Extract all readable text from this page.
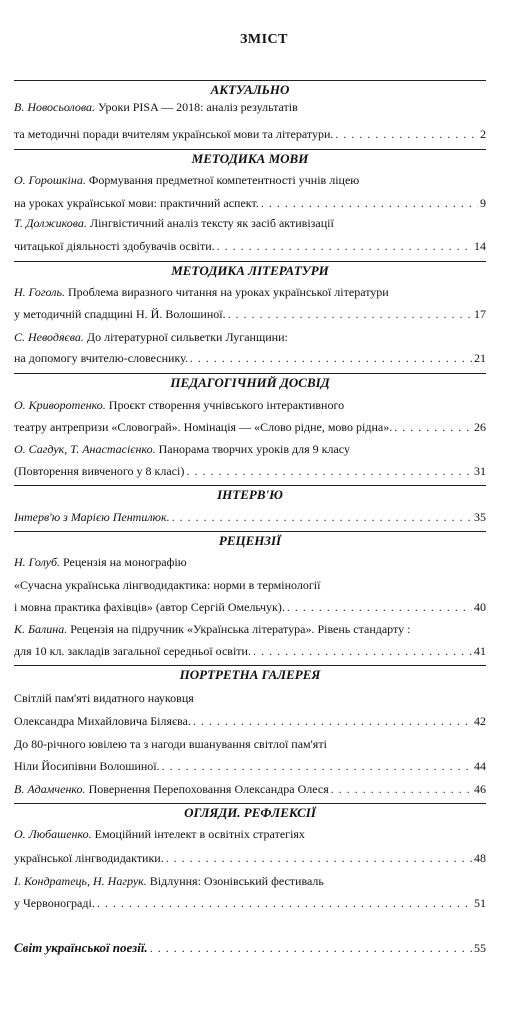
ЗМІСТ
АКТУАЛЬНО
В. Новосьолова. Уроки PISA — 2018: аналіз результатів
та методичні поради вчителям української мови та літератури. . . .	2
МЕТОДИКА МОВИ
О. Горошкіна. Формування предметної компетентності учнів ліцею
на уроках української мови: практичний аспект. . . .	9
Т. Должикова. Лінгвістичний аналіз тексту як засіб активізації
читацької діяльності здобувачів освіти. . . .	14
МЕТОДИКА ЛІТЕРАТУРИ
Н. Гоголь. Проблема виразного читання на уроках української літератури
у методичній спадщині Н. Й. Волошиної. . . .	17
С. Неводяєва. До літературної сильветки Луганщини:
на допомогу вчителю-словеснику. . . .	21
ПЕДАГОГІЧНИЙ ДОСВІД
О. Криворотенко. Проєкт створення учнівського інтерактивного
театру антрепризи «Словограй». Номінація — «Слово рідне, мово рідна». . . .	26
О. Сагдук, Т. Анастасієнко. Панорама творчих уроків для 9 класу
(Повторення вивченого у 8 класі) . . .	31
ІНТЕРВ'Ю
Інтерв'ю з Марією Пентилюк. . . .	35
РЕЦЕНЗІЇ
Н. Голуб. Рецензія на монографію
«Сучасна українська лінгводидактика: норми в термінології
і мовна практика фахівців» (автор Сергій Омельчук). . . .	40
К. Балина. Рецензія на підручник «Українська література». Рівень стандарту :
для 10 кл. закладів загальної середньої освіти. . . .	41
ПОРТРЕТНА ГАЛЕРЕЯ
Світлій пам'яті видатного науковця
Олександра Михайловича Біляєва. . . .	42
До 80-річного ювілею та з нагоди вшанування світлої пам'яті
Ніли Йосипівни Волошиної. . . .	44
В. Адамченко. Повернення Перепоховання Олександра Олеся . . .	46
ОГЛЯДИ. РЕФЛЕКСІЇ
О. Любашенко. Емоційний інтелект в освітніх стратегіях
української лінгводидактики. . . .	48
І. Кондратець, Н. Нагрук. Відлуння: Озонівський фестиваль
у Червонограді. . . .	51
Світ української поезії. . . .	55
